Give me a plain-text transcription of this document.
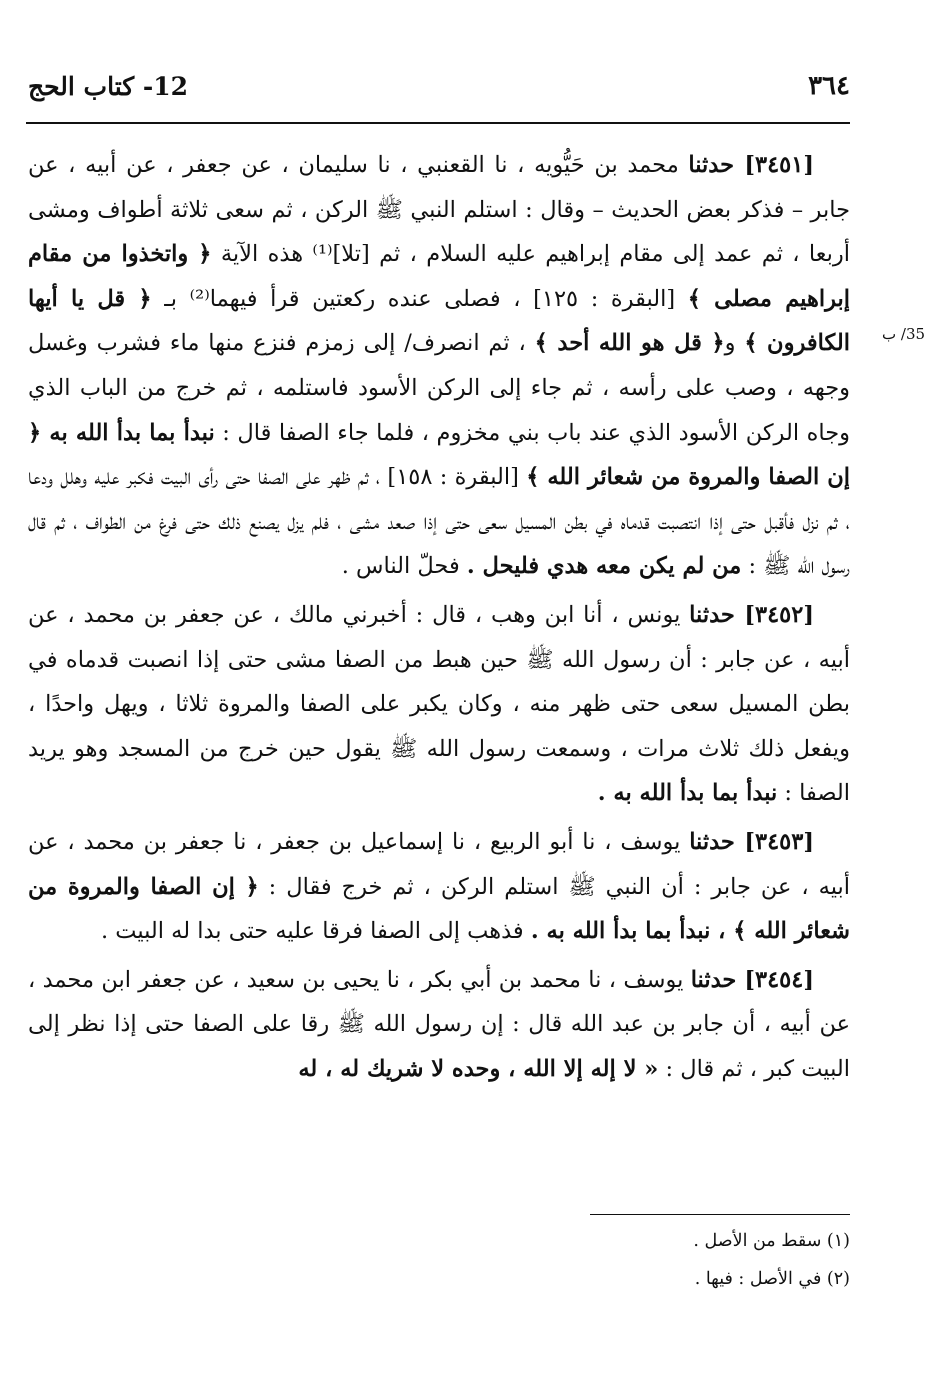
12- كتاب الحج	٣٦٤
35/ ب

[٣٤٥١] حدثنا محمد بن حَيُّويه ، نا القعنبي ، نا سليمان ، عن جعفر ، عن أبيه ، عن جابر – فذكر بعض الحديث – وقال : استلم النبي ﷺ الركن ، ثم سعى ثلاثة أطواف ومشى أربعا ، ثم عمد إلى مقام إبراهيم عليه السلام ، ثم [تلا]⁽¹⁾ هذه الآية ﴿ واتخذوا من مقام إبراهيم مصلى ﴾ [البقرة : ١٢٥] ، فصلى عنده ركعتين قرأ فيهما⁽²⁾ بـ ﴿ قل يا أيها الكافرون ﴾ و﴿ قل هو الله أحد ﴾ ، ثم انصرف/ إلى زمزم فنزع منها ماء فشرب وغسل وجهه ، وصب على رأسه ، ثم جاء إلى الركن الأسود فاستلمه ، ثم خرج من الباب الذي وجاه الركن الأسود الذي عند باب بني مخزوم ، فلما جاء الصفا قال : نبدأ بما بدأ الله به ﴿ إن الصفا والمروة من شعائر الله ﴾ [البقرة : ١٥٨] ، ثم ظهر على الصفا حتى رأى البيت فكبر عليه وهلل ودعا ، ثم نزل فأقبل حتى إذا انتصبت قدماه في بطن المسيل سعى حتى إذا صعد مشى ، فلم يزل يصنع ذلك حتى فرغ من الطواف ، ثم قال رسول الله ﷺ : من لم يكن معه هدي فليحل . فحلّ الناس .

[٣٤٥٢] حدثنا يونس ، أنا ابن وهب ، قال : أخبرني مالك ، عن جعفر بن محمد ، عن أبيه ، عن جابر : أن رسول الله ﷺ حين هبط من الصفا مشى حتى إذا انصبت قدماه في بطن المسيل سعى حتى ظهر منه ، وكان يكبر على الصفا والمروة ثلاثا ، ويهل واحدًا ، ويفعل ذلك ثلاث مرات ، وسمعت رسول الله ﷺ يقول حين خرج من المسجد وهو يريد الصفا : نبدأ بما بدأ الله به .

[٣٤٥٣] حدثنا يوسف ، نا أبو الربيع ، نا إسماعيل بن جعفر ، نا جعفر بن محمد ، عن أبيه ، عن جابر : أن النبي ﷺ استلم الركن ، ثم خرج فقال : ﴿ إن الصفا والمروة من شعائر الله ﴾ ، نبدأ بما بدأ الله به . فذهب إلى الصفا فرقا عليه حتى بدا له البيت .

[٣٤٥٤] حدثنا يوسف ، نا محمد بن أبي بكر ، نا يحيى بن سعيد ، عن جعفر ابن محمد ، عن أبيه ، أن جابر بن عبد الله قال : إن رسول الله ﷺ رقا على الصفا حتى إذا نظر إلى البيت كبر ، ثم قال : « لا إله إلا الله ، وحده لا شريك له ، له

(١) سقط من الأصل .
(٢) في الأصل : فيها .
